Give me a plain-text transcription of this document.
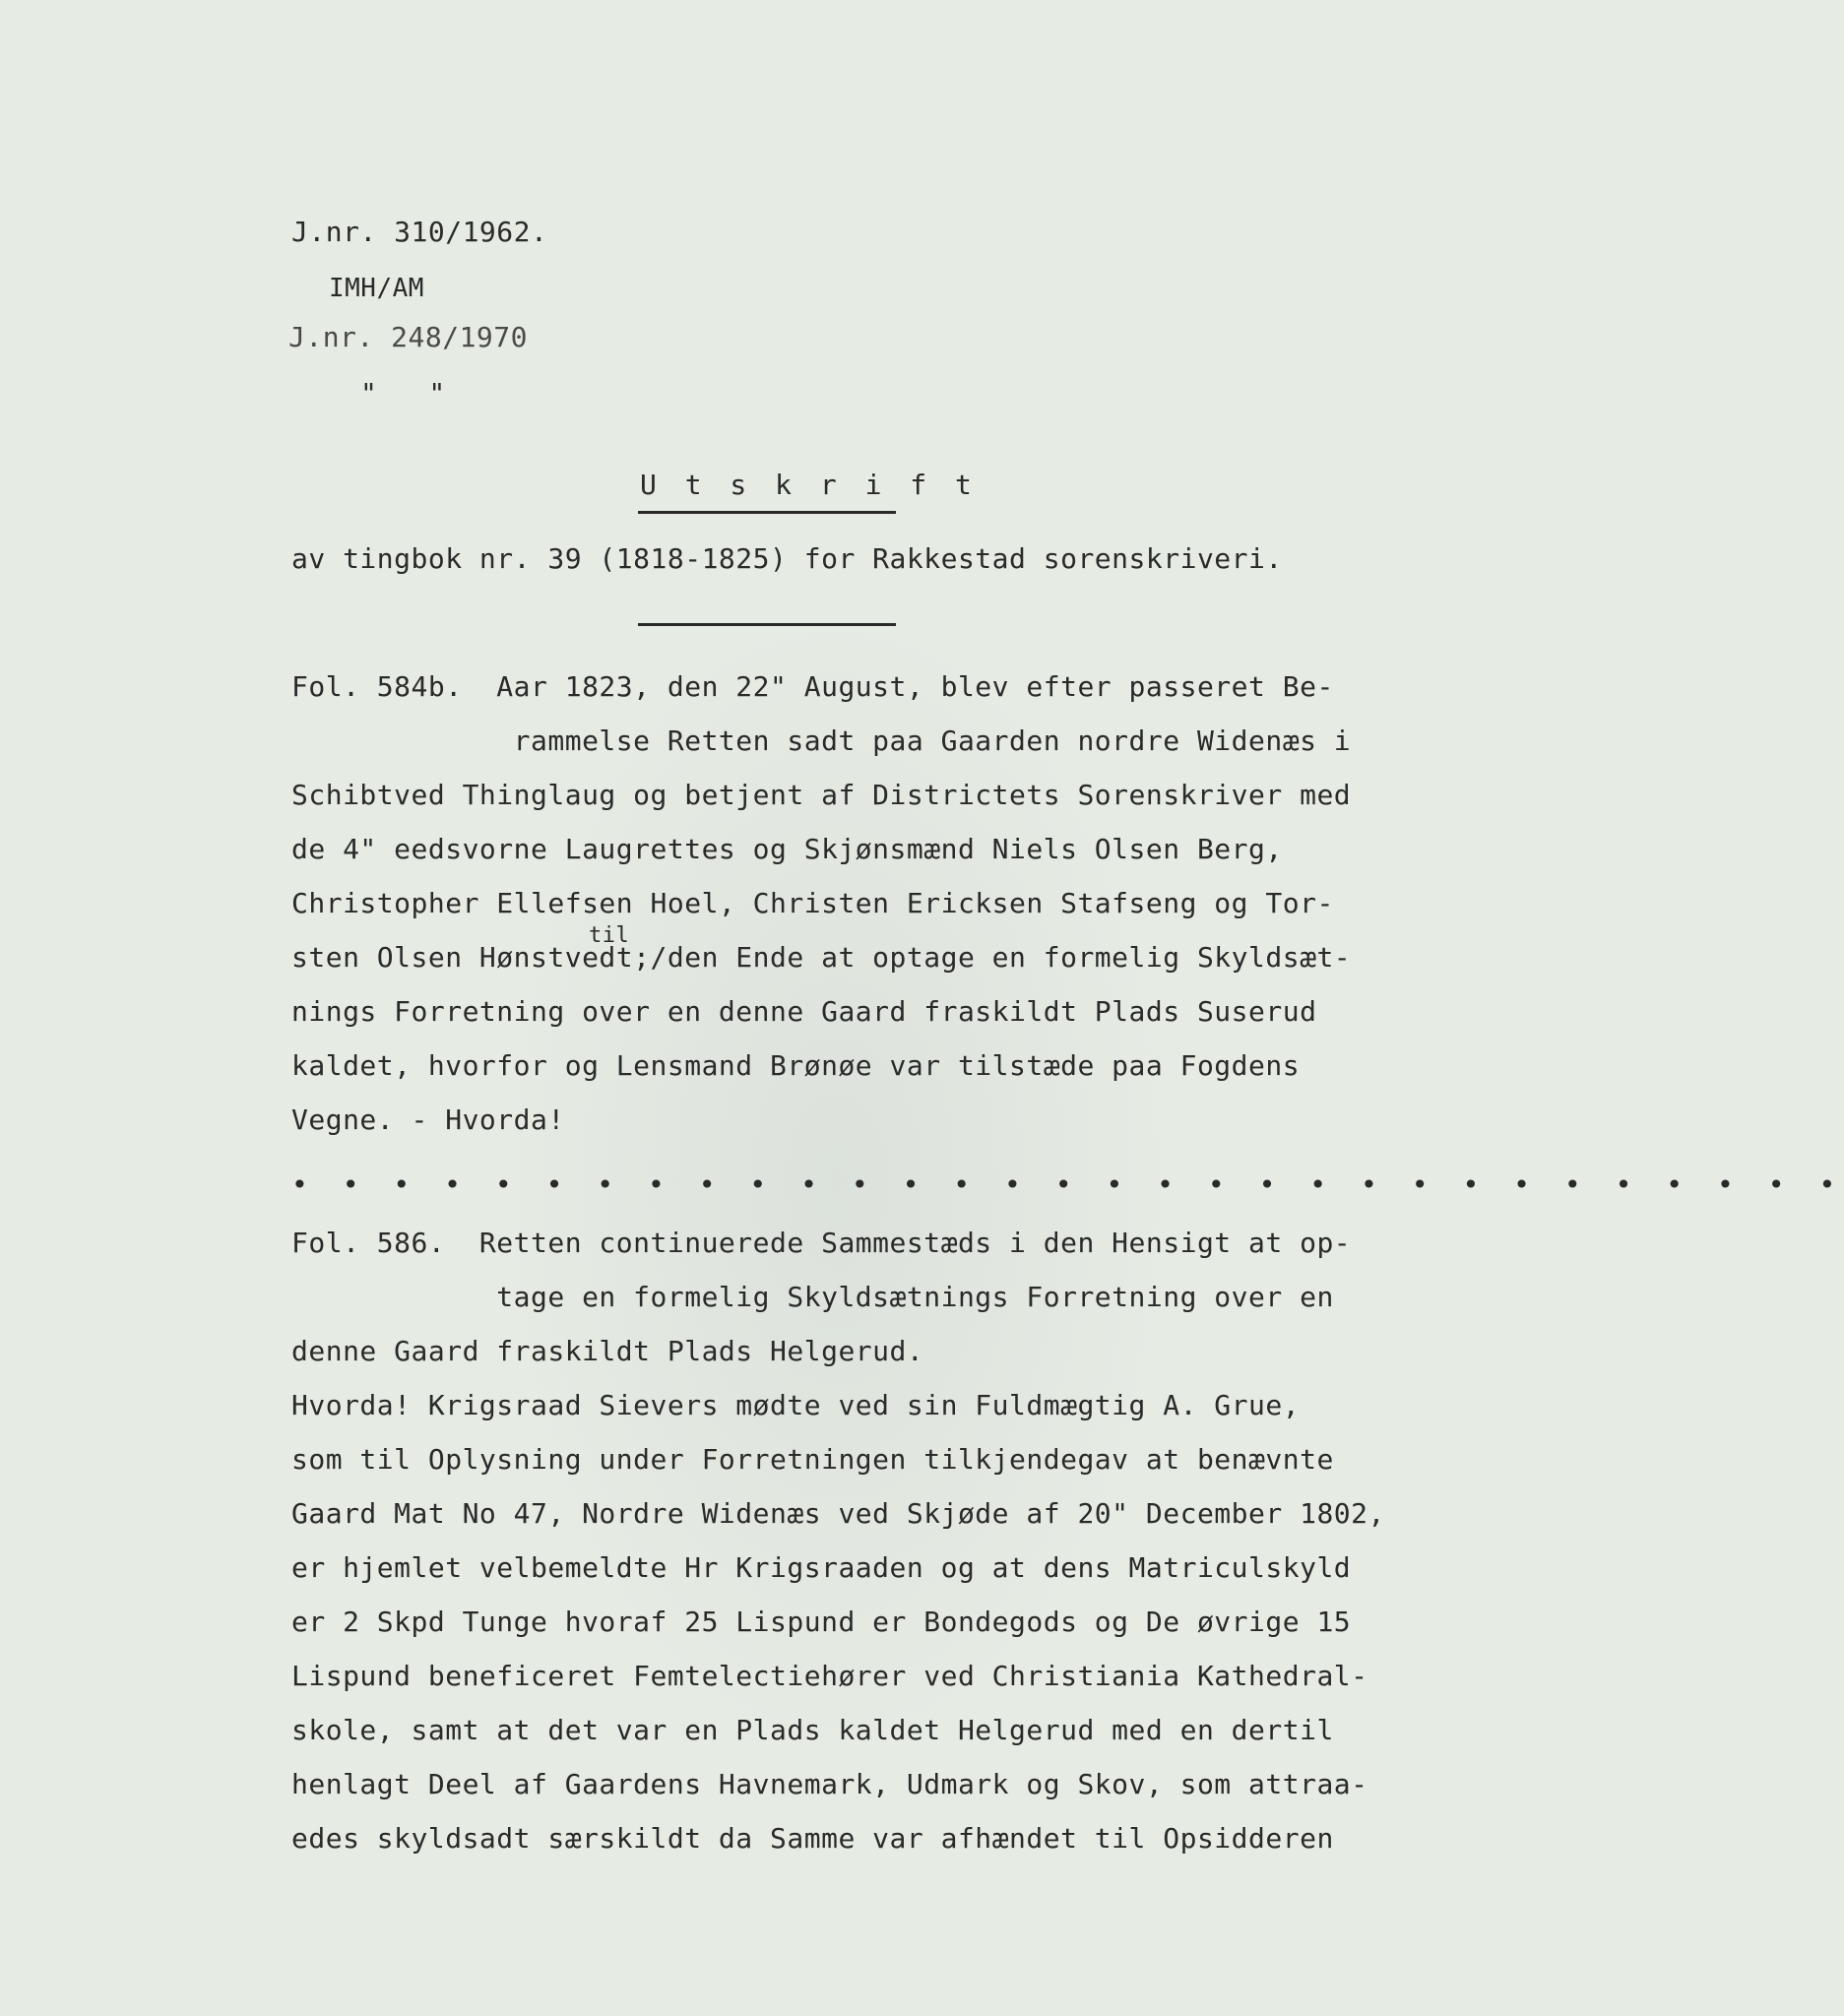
J.nr. 310/1962.
IMH/AM
J.nr. 248/1970
"   "
U t s k r i f t
av tingbok nr. 39 (1818-1825) for Rakkestad sorenskriveri.
Fol. 584b.  Aar 1823, den 22" August, blev efter passeret Be-
rammelse Retten sadt paa Gaarden nordre Widenæs i
Schibtved Thinglaug og betjent af Districtets Sorenskriver med
de 4" eedsvorne Laugrettes og Skjønsmænd Niels Olsen Berg,
Christopher Ellefsen Hoel, Christen Ericksen Stafseng og Tor-
til
sten Olsen Hønstvedt;/den Ende at optage en formelig Skyldsæt-
nings Forretning over en denne Gaard fraskildt Plads Suserud
kaldet, hvorfor og Lensmand Brønøe var tilstæde paa Fogdens
Vegne. - Hvorda!
• • • • • • • • • • • • • • • • • • • • • • • • • • • • • • •
Fol. 586.  Retten continuerede Sammestæds i den Hensigt at op-
tage en formelig Skyldsætnings Forretning over en
denne Gaard fraskildt Plads Helgerud.
Hvorda! Krigsraad Sievers mødte ved sin Fuldmægtig A. Grue,
som til Oplysning under Forretningen tilkjendegav at benævnte
Gaard Mat No 47, Nordre Widenæs ved Skjøde af 20" December 1802,
er hjemlet velbemeldte Hr Krigsraaden og at dens Matriculskyld
er 2 Skpd Tunge hvoraf 25 Lispund er Bondegods og De øvrige 15
Lispund beneficeret Femtelectiehører ved Christiania Kathedral-
skole, samt at det var en Plads kaldet Helgerud med en dertil
henlagt Deel af Gaardens Havnemark, Udmark og Skov, som attraa-
edes skyldsadt særskildt da Samme var afhændet til Opsidderen
